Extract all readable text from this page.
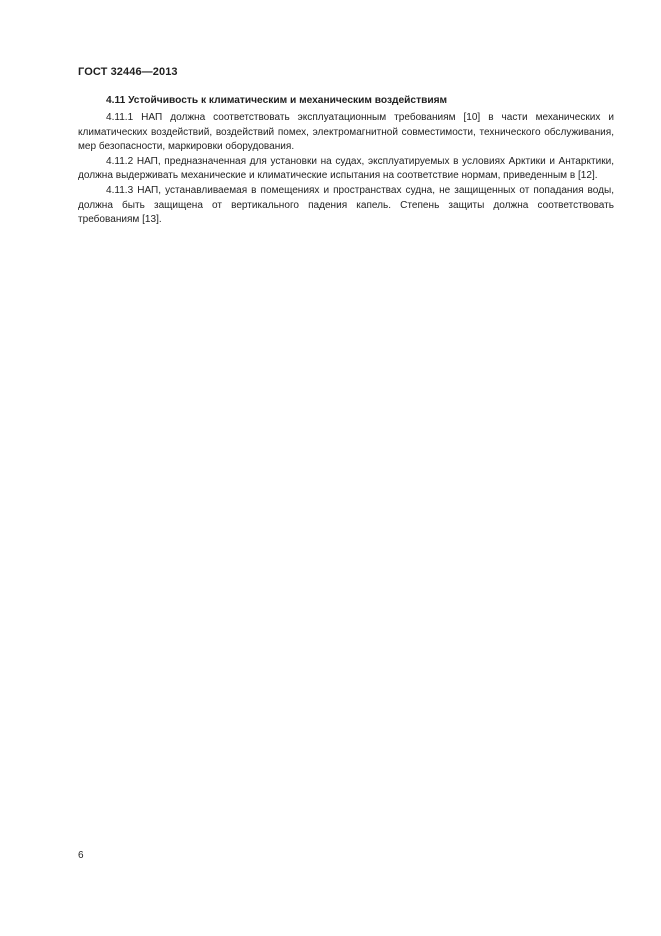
ГОСТ 32446—2013
4.11 Устойчивость к климатическим и механическим воздействиям

4.11.1 НАП должна соответствовать эксплуатационным требованиям [10] в части механических и климатических воздействий, воздействий помех, электромагнитной совместимости, технического обслуживания, мер безопасности, маркировки оборудования.

4.11.2 НАП, предназначенная для установки на судах, эксплуатируемых в условиях Арктики и Антарктики, должна выдерживать механические и климатические испытания на соответствие нормам, приведенным в [12].

4.11.3 НАП, устанавливаемая в помещениях и пространствах судна, не защищенных от попадания воды, должна быть защищена от вертикального падения капель. Степень защиты должна соответствовать требованиям [13].

6
